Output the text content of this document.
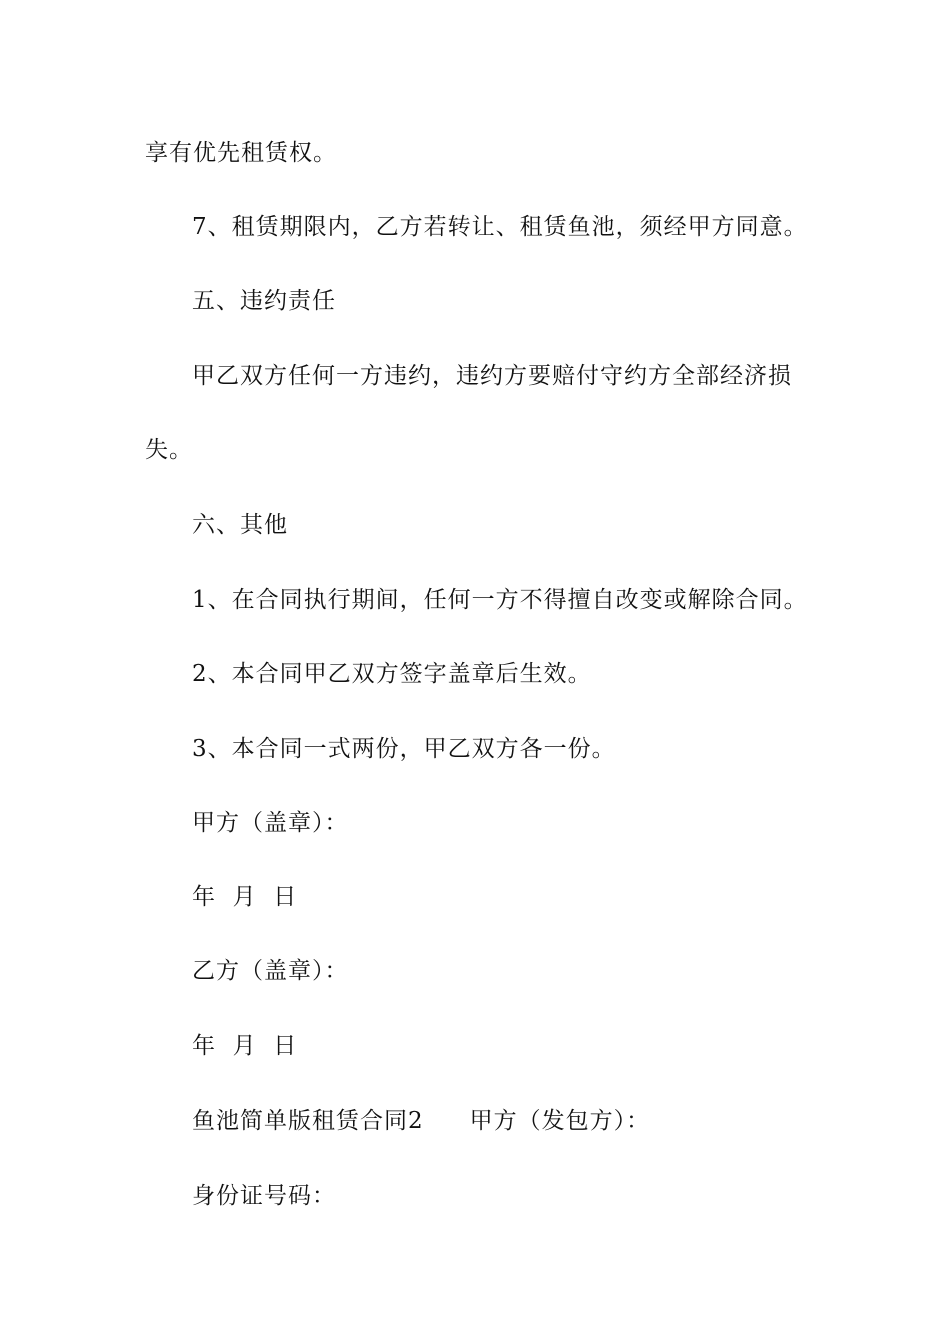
享有优先租赁权。
7、租赁期限内，乙方若转让、租赁鱼池，须经甲方同意。
五、违约责任
甲乙双方任何一方违约，违约方要赔付守约方全部经济损
失。
六、其他
1、在合同执行期间，任何一方不得擅自改变或解除合同。
2、本合同甲乙双方签字盖章后生效。
3、本合同一式两份，甲乙双方各一份。
甲方（盖章）：
年  月  日
乙方（盖章）：
年  月  日
鱼池简单版租赁合同2 甲方（发包方）：
身份证号码：
